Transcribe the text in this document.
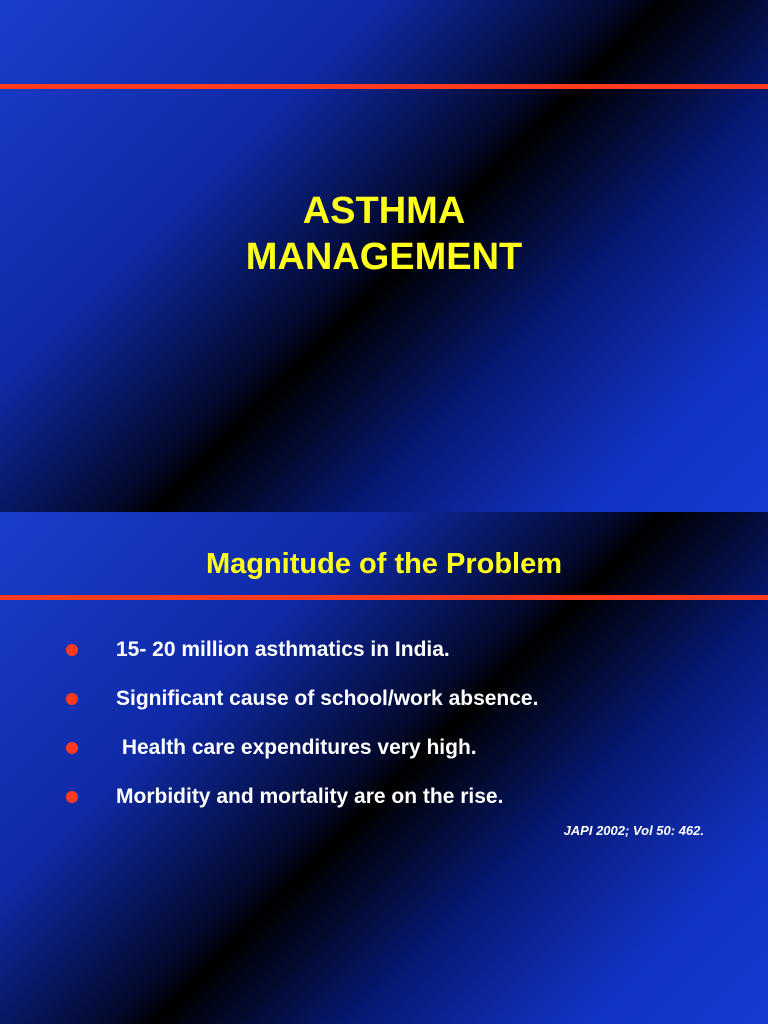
ASTHMA
MANAGEMENT
Magnitude of the Problem
15- 20 million asthmatics in India.
Significant cause of school/work absence.
Health care expenditures very high.
Morbidity and mortality are on the rise.
JAPI 2002; Vol 50: 462.
